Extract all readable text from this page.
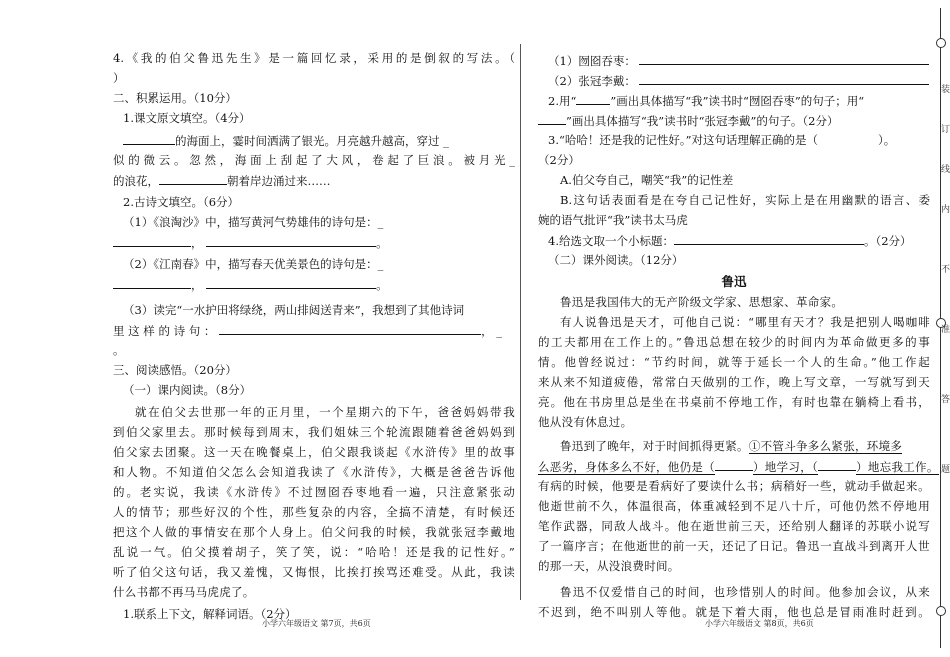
4.《我的伯父鲁迅先生》是一篇回忆录，采用的是倒叙的写法。（
）
二、积累运用。（10分）
1.课文原文填空。（4分）
的海面上，霎时间洒满了银光。月亮越升越高，穿过 _
似的微云。忽然，海面上刮起了大风，卷起了巨浪。被月光_
的浪花，	朝着岸边涌过来……
2.古诗文填空。（6分）
（1）《浪淘沙》中，描写黄河气势雄伟的诗句是：_
，	。
（2）《江南春》中，描写春天优美景色的诗句是：_
，	。
（3）读完“一水护田将绿绕，两山排闼送青来”，我想到了其他诗词
里 这 样 的 诗 句 ：	， _
。
三、阅读感悟。（20分）
（一）课内阅读。（8分）
就在伯父去世那一年的正月里，一个星期六的下午，爸爸妈妈带我
到伯父家里去。那时候每到周末，我们姐妹三个轮流跟随着爸爸妈妈到
伯父家去团聚。这一天在晚餐桌上，伯父跟我谈起《水浒传》里的故事
和人物。不知道伯父怎么会知道我读了《水浒传》，大概是爸爸告诉他
的。老实说，我读《水浒传》不过囫囵吞枣地看一遍，只注意紧张动
人的情节；那些好汉的个性，那些复杂的内容，全搞不清楚，有时候还
把这个人做的事情安在那个人身上。伯父问我的时候，我就张冠李戴地
乱说一气。伯父摸着胡子，笑了笑，说：“哈哈！还是我的记性好。”
听了伯父这句话，我又羞愧，又悔恨，比挨打挨骂还难受。从此，我读
什么书都不再马马虎虎了。
1.联系上下文，解释词语。（2分）
（1）囫囵吞枣：
（2）张冠李戴：
2.用“	”画出具体描写“我”读书时“囫囵吞枣”的句子；用“
”画出具体描写“我”读书时“张冠李戴”的句子。（2分）
3.“哈哈！还是我的记性好。”对这句话理解正确的是（	）。
（2分）
A.伯父夸自己，嘲笑“我”的记性差
B.这句话表面看是在夸自己记性好，实际上是在用幽默的语言、委
婉的语气批评“我”读书太马虎
4.给选文取一个小标题：	。（2分）
（二）课外阅读。（12分）
鲁迅
鲁迅是我国伟大的无产阶级文学家、思想家、革命家。
有人说鲁迅是天才，可他自己说：“哪里有天才？我是把别人喝咖啡
的工夫都用在工作上的。”鲁迅总想在较少的时间内为革命做更多的事
情。他曾经说过：“节约时间，就等于延长一个人的生命。”他工作起
来从来不知道疲倦，常常白天做别的工作，晚上写文章，一写就写到天
亮。他在书房里总是坐在书桌前不停地工作，有时也靠在躺椅上看书，
他从没有休息过。
鲁迅到了晚年，对于时间抓得更紧。①不管斗争多么紧张，环境多
么恶劣，身体多么不好，他仍是（	）地学习，（	）地忘我工作。
有病的时候，他要是看病好了要读什么书；病稍好一些，就动手做起来。
他逝世前不久，体温很高，体重减轻到不足八十斤，可他仍然不停地用
笔作武器，同敌人战斗。他在逝世前三天，还给别人翻译的苏联小说写
了一篇序言；在他逝世的前一天，还记了日记。鲁迅一直战斗到离开人世
的那一天，从没浪费时间。
鲁迅不仅爱惜自己的时间，也珍惜别人的时间。他参加会议，从来
不迟到，绝不叫别人等他。就是下着大雨，他也总是冒雨准时赶到。
小学六年级语文 第7页，共6页	小学六年级语文 第8页，共6页
装
订
线
内
不
准
答
题
